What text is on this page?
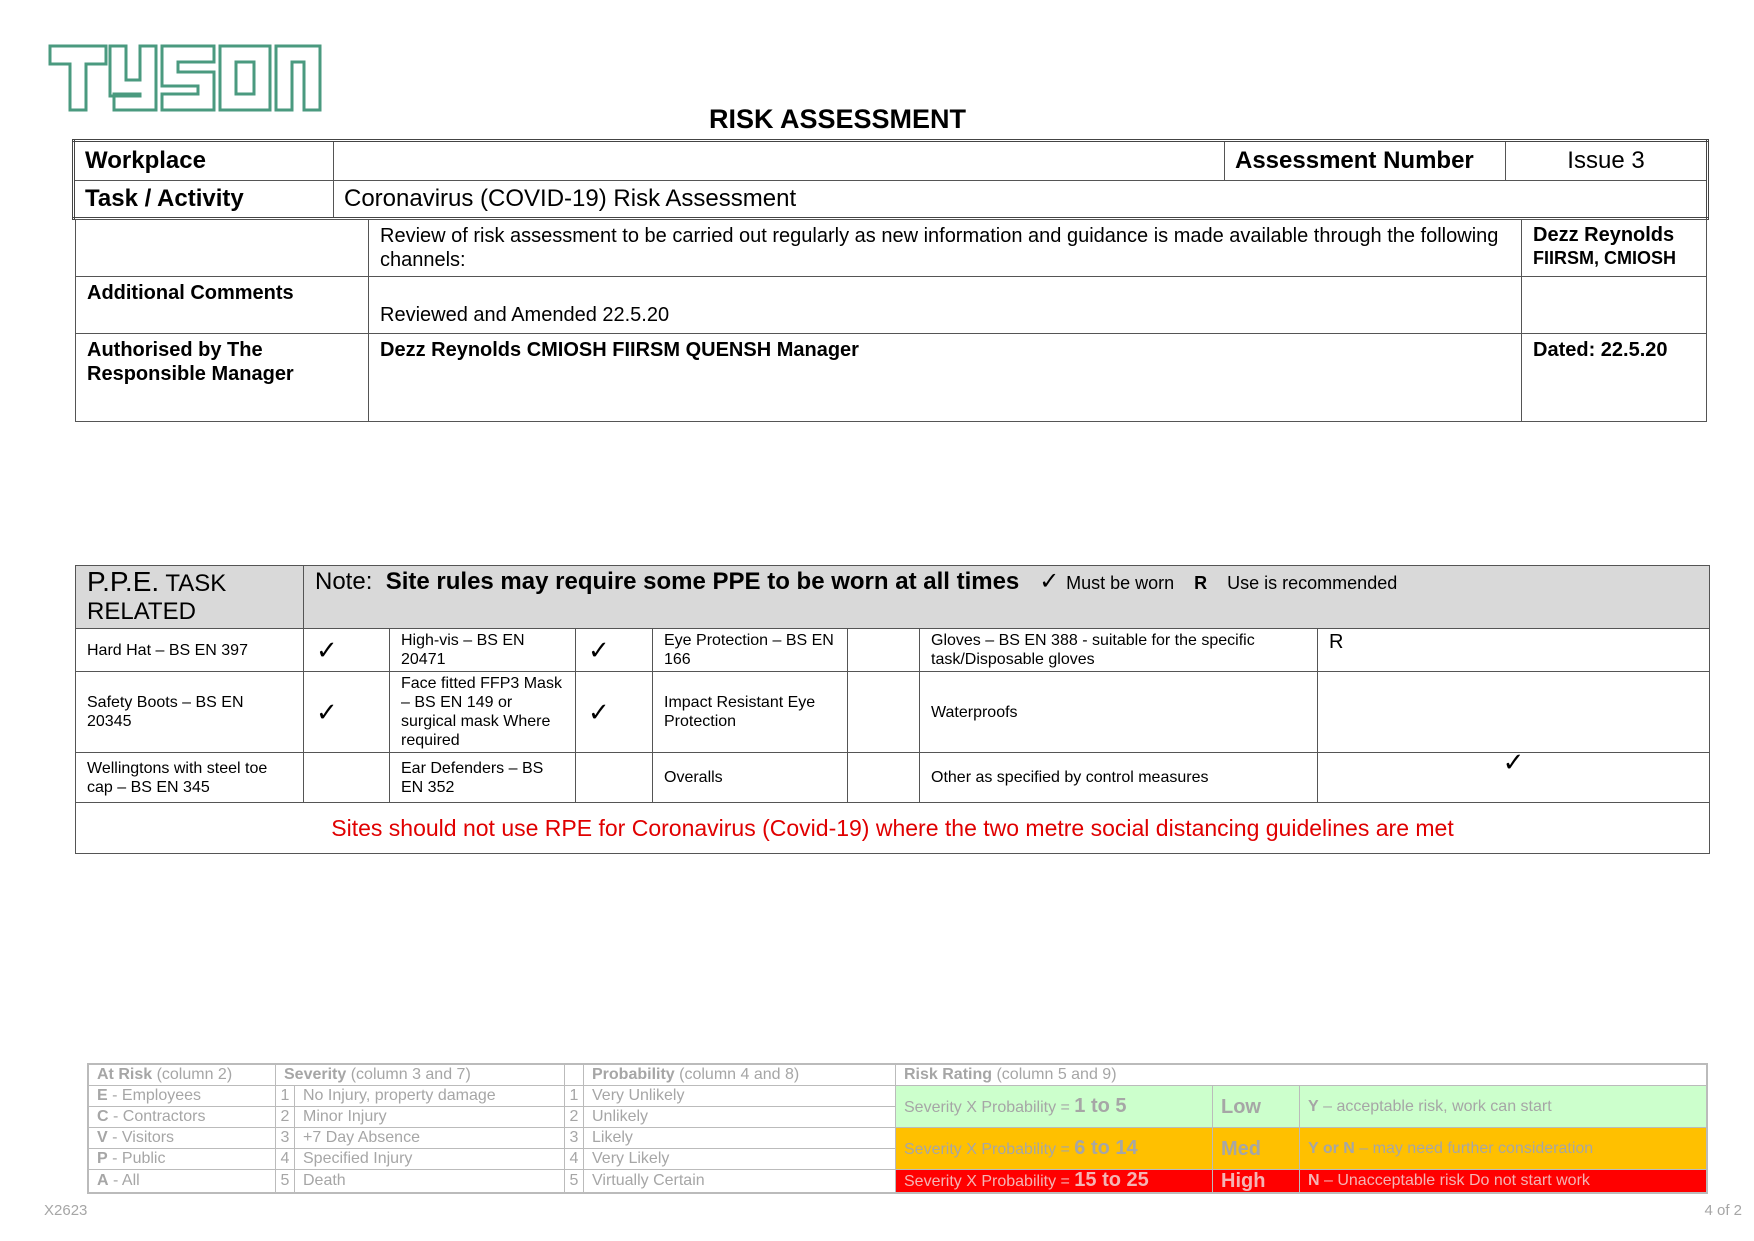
RISK ASSESSMENT
Workplace		Assessment Number	Issue 3
Task / Activity	Coronavirus (COVID-19) Risk Assessment		
	Review of risk assessment to be carried out regularly as new information and guidance is made available through the following channels:	Dezz Reynolds
FIIRSM, CMIOSH

Additional Comments	Reviewed and Amended 22.5.20	
Authorised by The Responsible Manager	Dezz Reynolds CMIOSH FIIRSM QUENSH Manager	Dated: 22.5.20
P.P.E. TASK RELATED	Note: Site rules may require some PPE to be worn at all times ✓ Must be worn R Use is recommended						
Hard Hat – BS EN 397	✓	High-vis – BS EN 20471	✓	Eye Protection – BS EN 166		Gloves – BS EN 388 - suitable for the specific task/Disposable gloves	R
Safety Boots – BS EN 20345	✓	Face fitted FFP3 Mask – BS EN 149 or surgical mask Where required	✓	Impact Resistant Eye Protection		Waterproofs	
Wellingtons with steel toe cap – BS EN 345		Ear Defenders – BS EN 352		Overalls		Other as specified by control measures	✓
Sites should not use RPE for Coronavirus (Covid-19) where the two metre social distancing guidelines are met							
At Risk (column 2)	Severity (column 3 and 7)			Probability (column 4 and 8)	Risk Rating (column 5 and 9)		
E - Employees	1	No Injury, property damage	1	Very Unlikely	Severity X Probability = 1 to 5	Low	Y – acceptable risk, work can start
C - Contractors	2	Minor Injury	2	Unlikely			
V - Visitors	3	+7 Day Absence	3	Likely	Severity X Probability = 6 to 14	Med	Y or N – may need further consideration
P - Public	4	Specified Injury	4	Very Likely			
A - All	5	Death	5	Virtually Certain	Severity X Probability = 15 to 25	High	N – Unacceptable risk Do not start work
X2623	4 of 2
